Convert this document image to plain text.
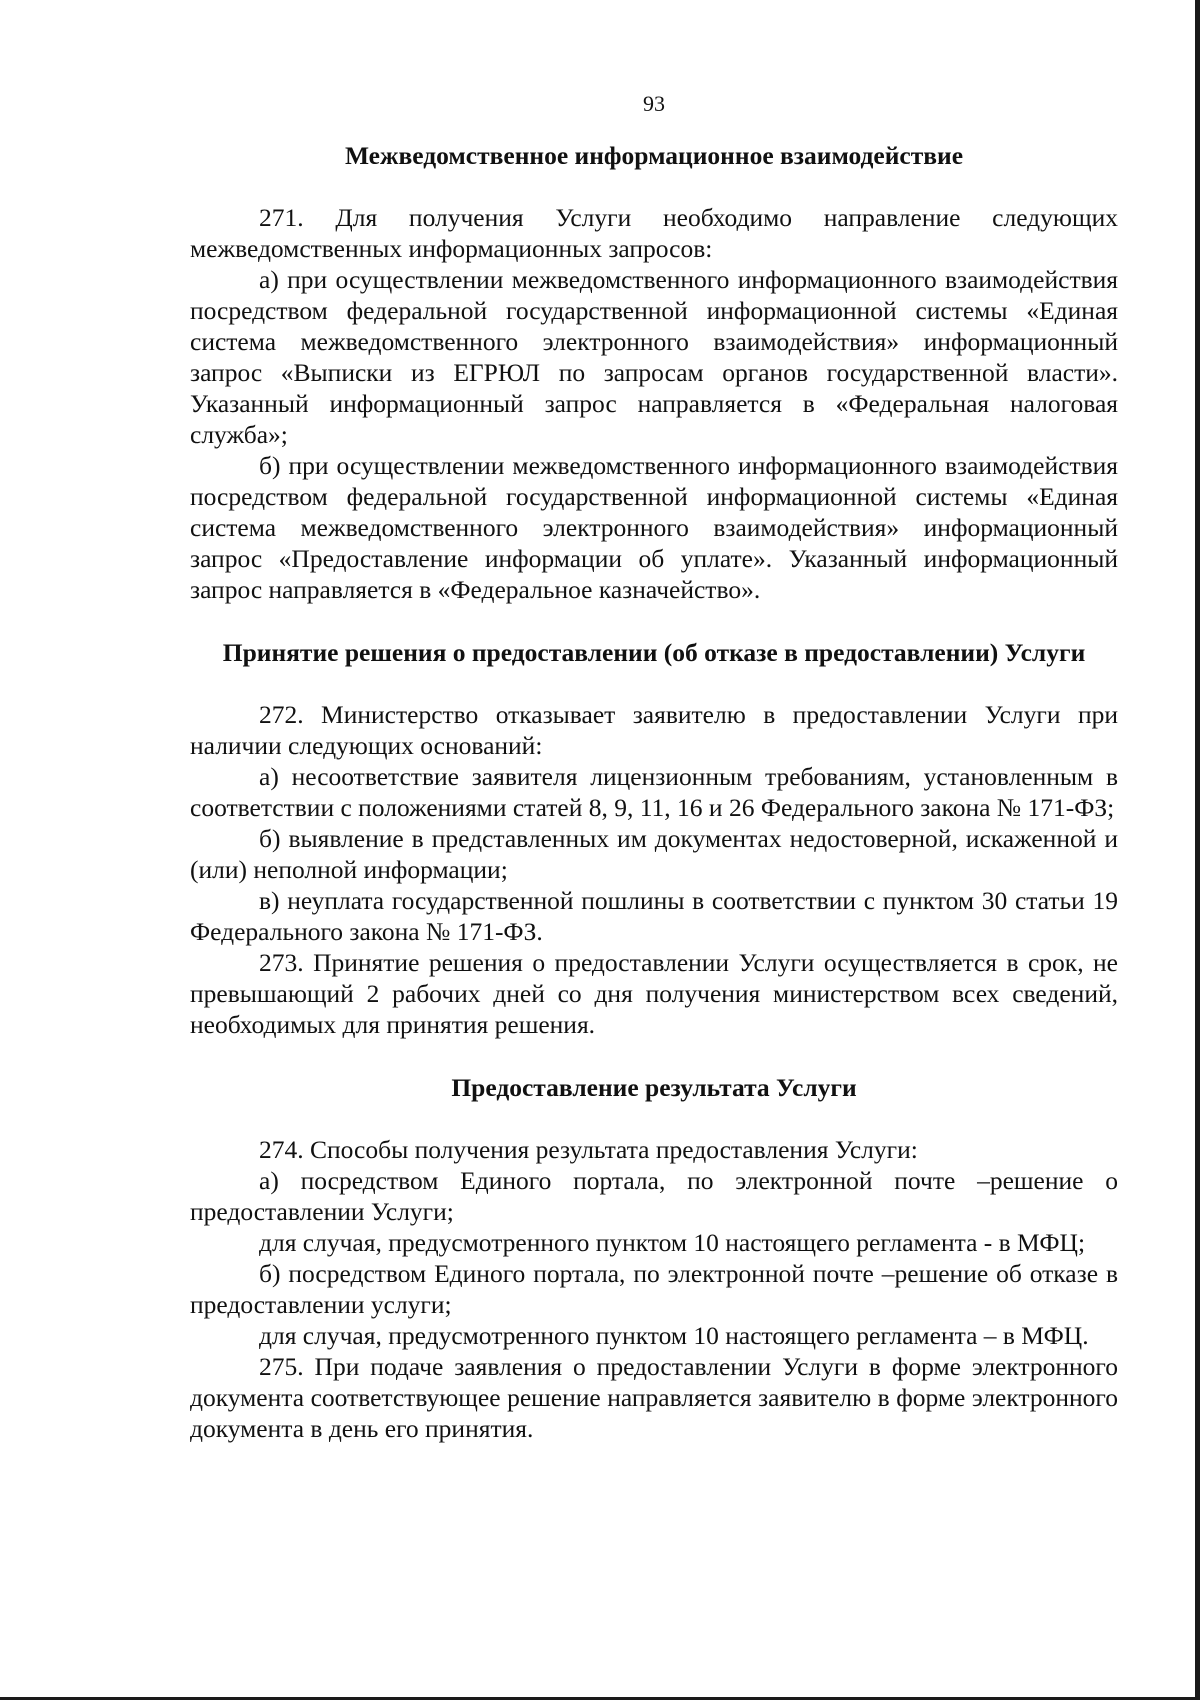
93
Межведомственное информационное взаимодействие

271. Для получения Услуги необходимо направление следующих межведомственных информационных запросов:

а) при осуществлении межведомственного информационного взаимодействия посредством федеральной государственной информационной системы «Единая система межведомственного электронного взаимодействия» информационный запрос «Выписки из ЕГРЮЛ по запросам органов государственной власти». Указанный информационный запрос направляется в «Федеральная налоговая служба»;

б) при осуществлении межведомственного информационного взаимодействия посредством федеральной государственной информационной системы «Единая система межведомственного электронного взаимодействия» информационный запрос «Предоставление информации об уплате». Указанный информационный запрос направляется в «Федеральное казначейство».

Принятие решения о предоставлении (об отказе в предоставлении) Услуги

272. Министерство отказывает заявителю в предоставлении Услуги при наличии следующих оснований:

а) несоответствие заявителя лицензионным требованиям, установленным в соответствии с положениями статей 8, 9, 11, 16 и 26 Федерального закона № 171-ФЗ;

б) выявление в представленных им документах недостоверной, искаженной и (или) неполной информации;

в) неуплата государственной пошлины в соответствии с пунктом 30 статьи 19 Федерального закона № 171-ФЗ.

273. Принятие решения о предоставлении Услуги осуществляется в срок, не превышающий 2 рабочих дней со дня получения министерством всех сведений, необходимых для принятия решения.

Предоставление результата Услуги

274. Способы получения результата предоставления Услуги:

а) посредством Единого портала, по электронной почте –решение о предоставлении Услуги;

для случая, предусмотренного пунктом 10 настоящего регламента - в МФЦ;

б) посредством Единого портала, по электронной почте –решение об отказе в предоставлении услуги;

для случая, предусмотренного пунктом 10 настоящего регламента – в МФЦ.

275. При подаче заявления о предоставлении Услуги в форме электронного документа соответствующее решение направляется заявителю в форме электронного документа в день его принятия.
